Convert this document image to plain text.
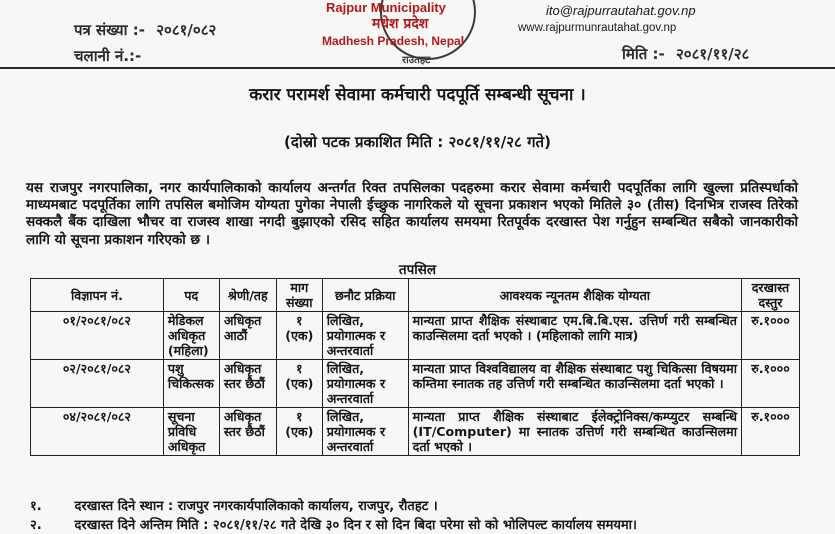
पत्र संख्या :- २०८१/०८२
चलानी नं.:-
Rajpur Municipality
मधेश प्रदेश
Madhesh Pradesh, Nepal
राउतहट
ito@rajpurrautahat.gov.np
www.rajpurmunrautahat.gov.np
मिति :- २०८१/११/२८
करार परामर्श सेवामा कर्मचारी पदपूर्ति सम्बन्धी सूचना ।
(दोस्रो पटक प्रकाशित मिति : २०८१/११/२८ गते)
यस राजपुर नगरपालिका, नगर कार्यपालिकाको कार्यालय अन्तर्गत रिक्त तपसिलका पदहरुमा करार सेवामा कर्मचारी पदपूर्तिका लागि खुल्ला प्रतिस्पर्धाको माध्यमबाट पदपूर्तिका लागि तपसिल बमोजिम योग्यता पुगेका नेपाली ईच्छुक नागरिकले यो सूचना प्रकाशन भएको मितिले ३० (तीस) दिनभित्र राजस्व तिरेको सक्कलै बैंक दाखिला भौचर वा राजस्व शाखा नगदी बुझाएको रसिद सहित कार्यालय समयमा रितपूर्वक दरखास्त पेश गर्नुहुन सम्बन्धित सबैको जानकारीको लागि यो सूचना प्रकाशन गरिएको छ ।
तपसिल
विज्ञापन नं.	पद	श्रेणी/तह	माग संख्या	छनौट प्रक्रिया	आवश्यक न्यूनतम शैक्षिक योग्यता	दरखास्त दस्तुर
०१/२०८१/०८२	मेडिकल अधिकृत (महिला)	अधिकृत आठौं	१ (एक)	लिखित, प्रयोगात्मक र अन्तरवार्ता	मान्यता प्राप्त शैक्षिक संस्थाबाट एम.बि.बि.एस. उत्तिर्ण गरी सम्बन्धित काउन्सिलमा दर्ता भएको । (महिलाको लागि मात्र)	रु.१०००
०२/२०८१/०८२	पशु चिकित्सक	अधिकृत स्तर छैठौं	१ (एक)	लिखित, प्रयोगात्मक र अन्तरवार्ता	मान्यता प्राप्त विश्वविद्यालय वा शैक्षिक संस्थाबाट पशु चिकित्सा विषयमा कम्तिमा स्नातक तह उत्तिर्ण गरी सम्बन्धित काउन्सिलमा दर्ता भएको ।	रु.१०००
०४/२०८१/०८२	सूचना प्रविधि अधिकृत	अधिकृत स्तर छैठौं	१ (एक)	लिखित, प्रयोगात्मक र अन्तरवार्ता	मान्यता प्राप्त शैक्षिक संस्थाबाट ईलेक्ट्रोनिक्स/कम्प्युटर सम्बन्धि (IT/Computer) मा स्नातक उत्तिर्ण गरी सम्बन्धित काउन्सिलमा दर्ता भएको ।	रु.१०००
१.	दरखास्त दिने स्थान : राजपुर नगरकार्यपालिकाको कार्यालय, राजपुर, रौतहट ।
२.	दरखास्त दिने अन्तिम मिति : २०८१/११/२८ गते देखि ३० दिन र सो दिन बिदा परेमा सो को भोलिपल्ट कार्यालय समयमा।
